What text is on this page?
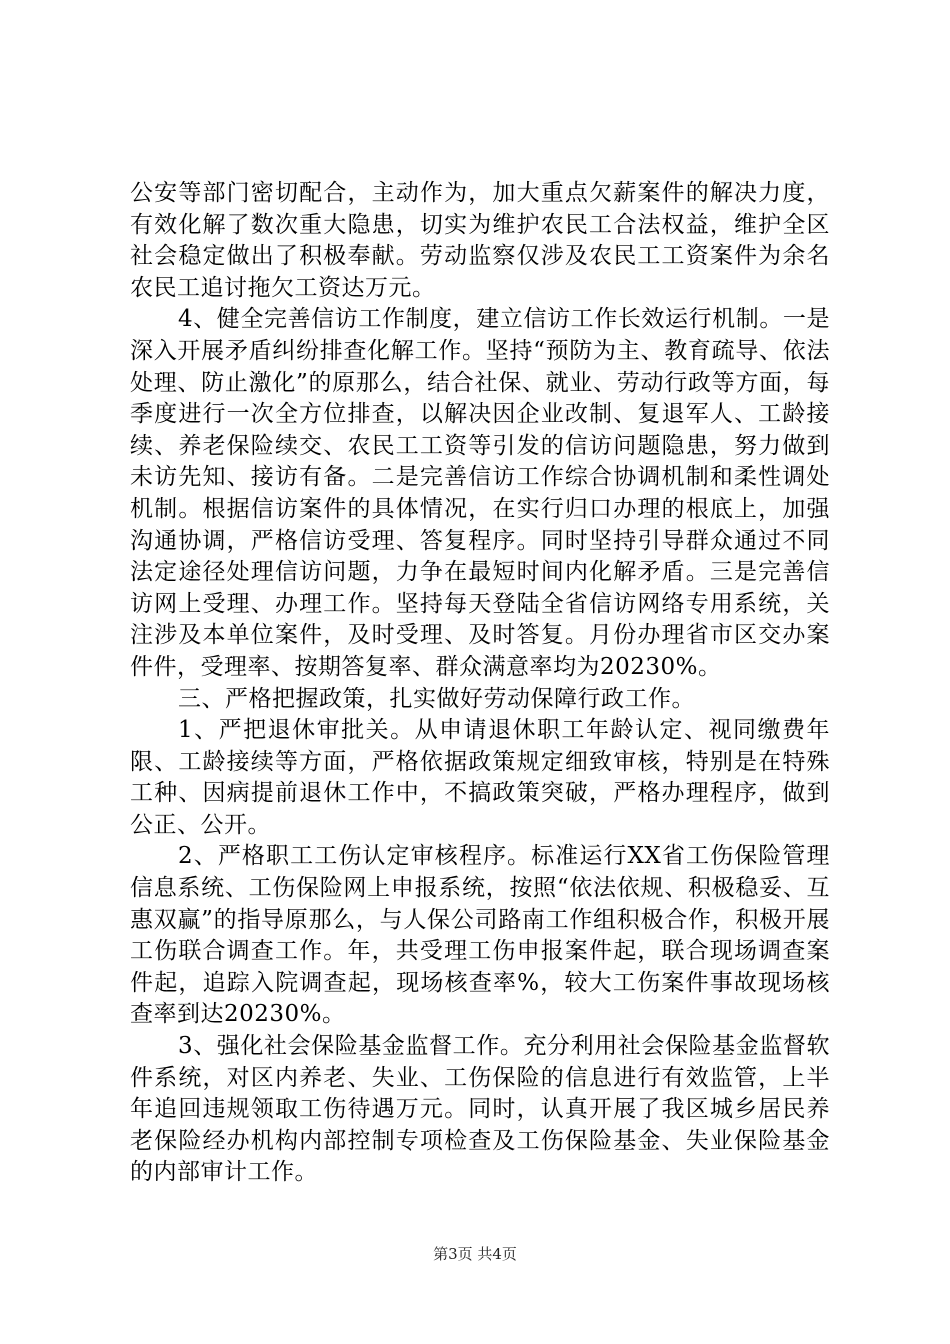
公安等部门密切配合，主动作为，加大重点欠薪案件的解决力度，有效化解了数次重大隐患，切实为维护农民工合法权益，维护全区社会稳定做出了积极奉献。劳动监察仅涉及农民工工资案件为余名农民工追讨拖欠工资达万元。

4、健全完善信访工作制度，建立信访工作长效运行机制。一是深入开展矛盾纠纷排查化解工作。坚持“预防为主、教育疏导、依法处理、防止激化”的原那么，结合社保、就业、劳动行政等方面，每季度进行一次全方位排查，以解决因企业改制、复退军人、工龄接续、养老保险续交、农民工工资等引发的信访问题隐患，努力做到未访先知、接访有备。二是完善信访工作综合协调机制和柔性调处机制。根据信访案件的具体情况，在实行归口办理的根底上，加强沟通协调，严格信访受理、答复程序。同时坚持引导群众通过不同法定途径处理信访问题，力争在最短时间内化解矛盾。三是完善信访网上受理、办理工作。坚持每天登陆全省信访网络专用系统，关注涉及本单位案件，及时受理、及时答复。月份办理省市区交办案件件，受理率、按期答复率、群众满意率均为20230%。

三、严格把握政策，扎实做好劳动保障行政工作。

1、严把退休审批关。从申请退休职工年龄认定、视同缴费年限、工龄接续等方面，严格依据政策规定细致审核，特别是在特殊工种、因病提前退休工作中，不搞政策突破，严格办理程序，做到公正、公开。

2、严格职工工伤认定审核程序。标准运行XX省工伤保险管理信息系统、工伤保险网上申报系统，按照“依法依规、积极稳妥、互惠双赢”的指导原那么，与人保公司路南工作组积极合作，积极开展工伤联合调查工作。年，共受理工伤申报案件起，联合现场调查案件起，追踪入院调查起，现场核查率%，较大工伤案件事故现场核查率到达20230%。

3、强化社会保险基金监督工作。充分利用社会保险基金监督软件系统，对区内养老、失业、工伤保险的信息进行有效监管，上半年追回违规领取工伤待遇万元。同时，认真开展了我区城乡居民养老保险经办机构内部控制专项检查及工伤保险基金、失业保险基金的内部审计工作。

第3页 共4页
